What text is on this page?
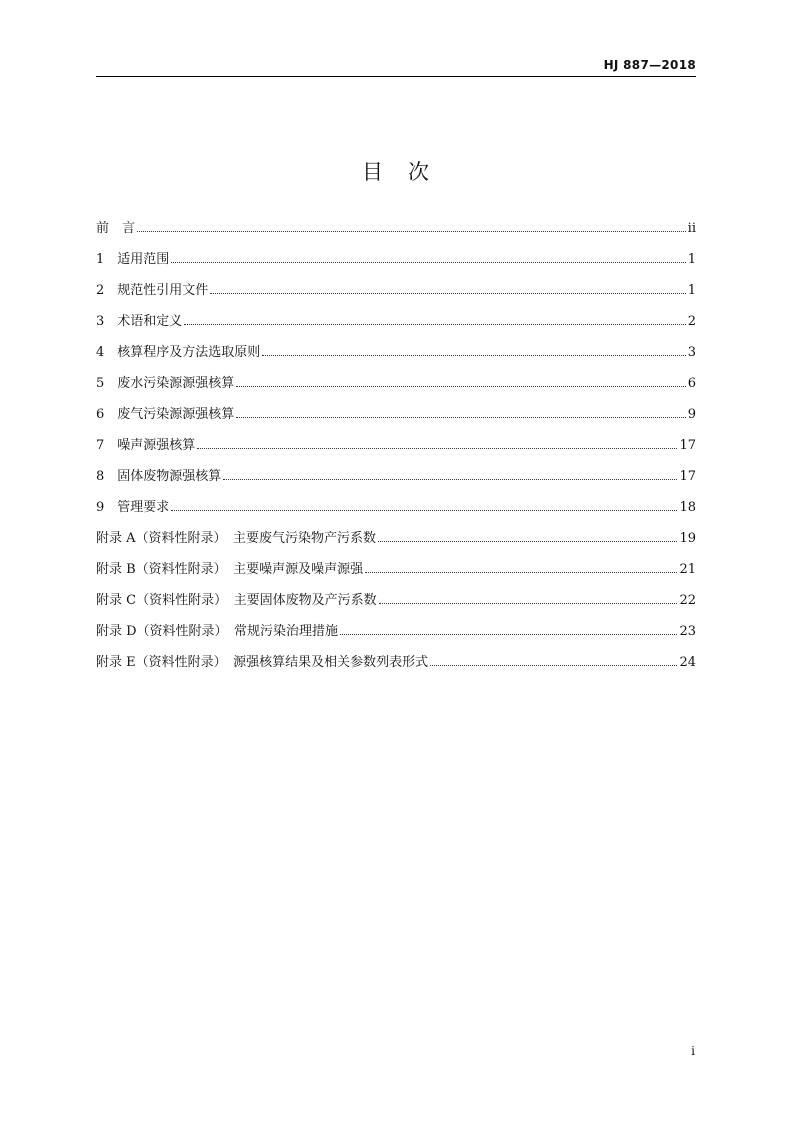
HJ 887—2018
目　次
前　言	ii
1　适用范围	1
2　规范性引用文件	1
3　术语和定义	2
4　核算程序及方法选取原则	3
5　废水污染源源强核算	6
6　废气污染源源强核算	9
7　噪声源强核算	17
8　固体废物源强核算	17
9　管理要求	18
附录 A（资料性附录）　主要废气污染物产污系数	19
附录 B（资料性附录）　主要噪声源及噪声源强	21
附录 C（资料性附录）　主要固体废物及产污系数	22
附录 D（资料性附录）　常规污染治理措施	23
附录 E（资料性附录）　源强核算结果及相关参数列表形式	24
i
